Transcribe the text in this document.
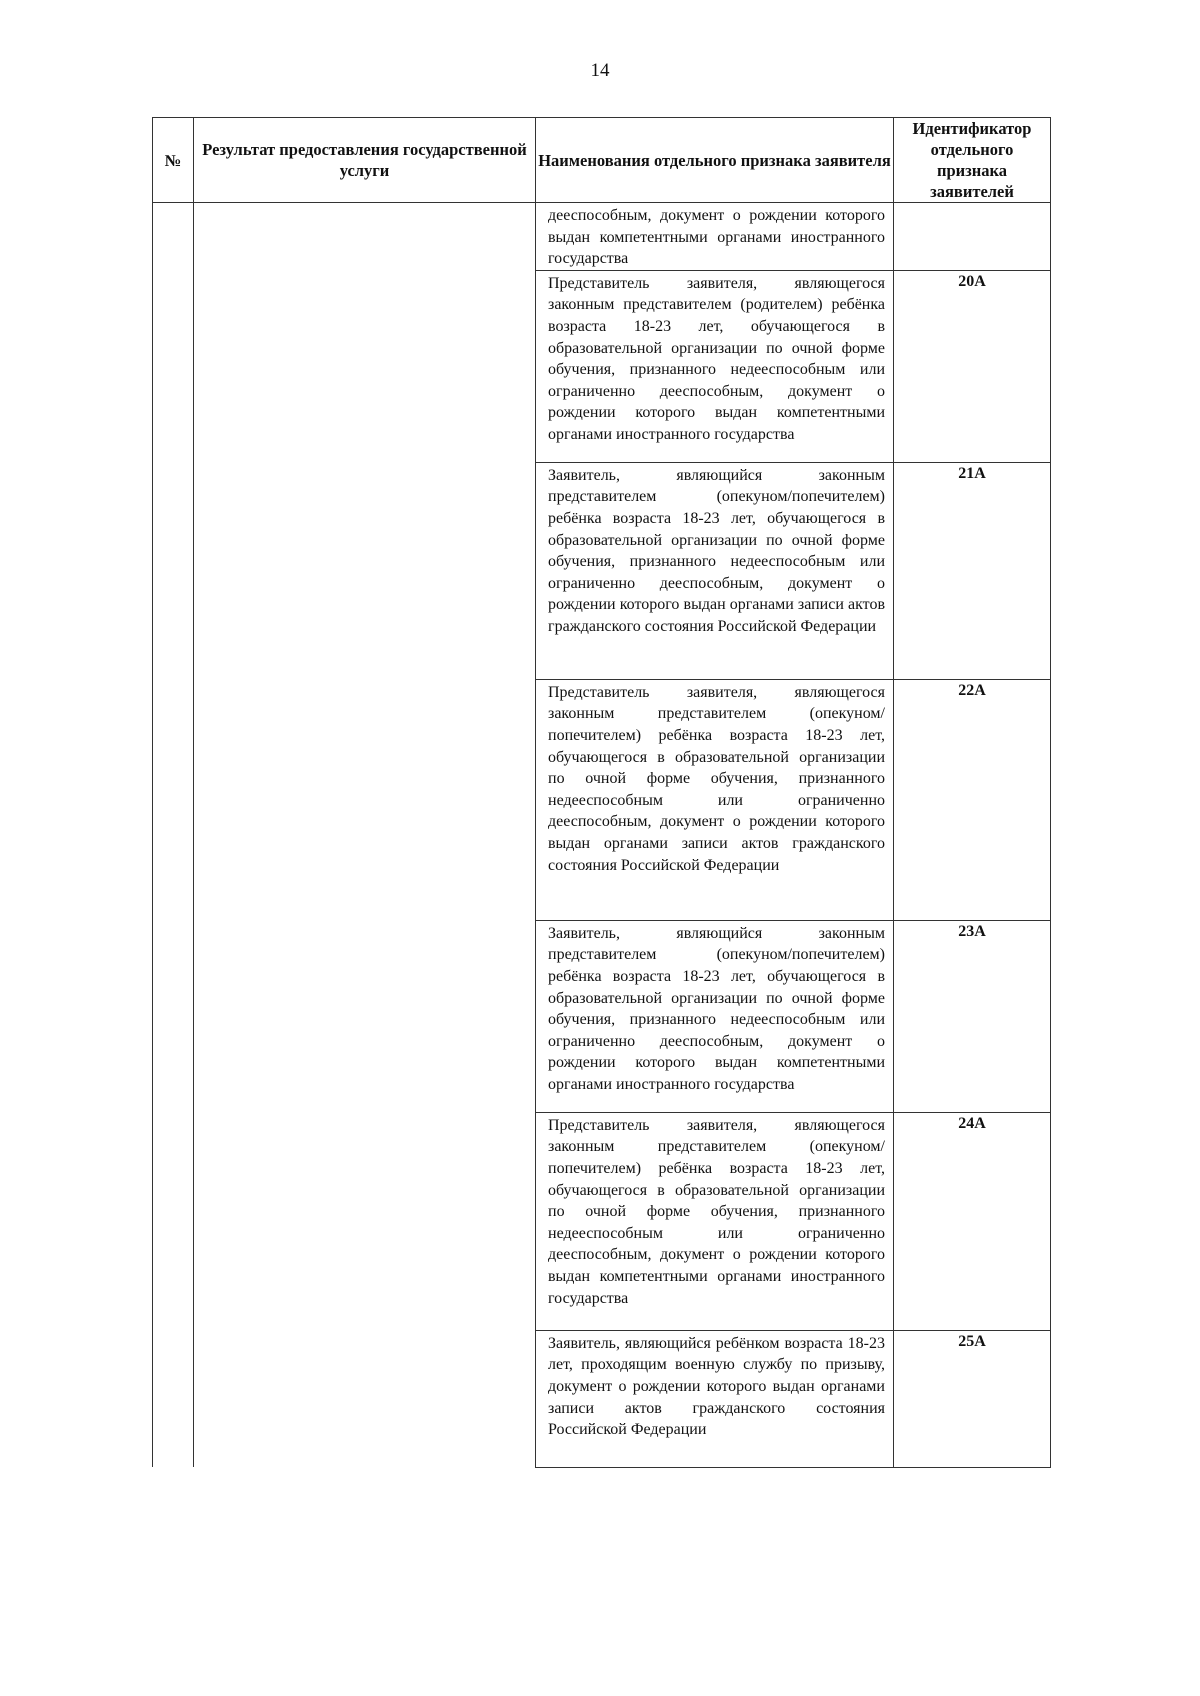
14
№	Результат предоставления государственной услуги	Наименования отдельного признака заявителя	Идентификатор отдельного признака заявителей

		дееспособным, документ о рождении которого выдан компетентными органами иностранного государства	

		Представитель заявителя, являющегося законным представителем (родителем) ребёнка возраста 18-23 лет, обучающегося в образовательной организации по очной форме обучения, признанного недееспособным или ограниченно дееспособным, документ о рождении которого выдан компетентными органами иностранного государства	20А

		Заявитель, являющийся законным представителем (опекуном/попечителем) ребёнка возраста 18-23 лет, обучающегося в образовательной организации по очной форме обучения, признанного недееспособным или ограниченно дееспособным, документ о рождении которого выдан органами записи актов гражданского состояния Российской Федерации	21А

		Представитель заявителя, являющегося законным представителем (опекуном/попечителем) ребёнка возраста 18-23 лет, обучающегося в образовательной организации по очной форме обучения, признанного недееспособным или ограниченно дееспособным, документ о рождении которого выдан органами записи актов гражданского состояния Российской Федерации	22А

		Заявитель, являющийся законным представителем (опекуном/попечителем) ребёнка возраста 18-23 лет, обучающегося в образовательной организации по очной форме обучения, признанного недееспособным или ограниченно дееспособным, документ о рождении которого выдан компетентными органами иностранного государства	23А

		Представитель заявителя, являющегося законным представителем (опекуном/попечителем) ребёнка возраста 18-23 лет, обучающегося в образовательной организации по очной форме обучения, признанного недееспособным или ограниченно дееспособным, документ о рождении которого выдан компетентными органами иностранного государства	24А

		Заявитель, являющийся ребёнком возраста 18-23 лет, проходящим военную службу по призыву, документ о рождении которого выдан органами записи актов гражданского состояния Российской Федерации	25А
